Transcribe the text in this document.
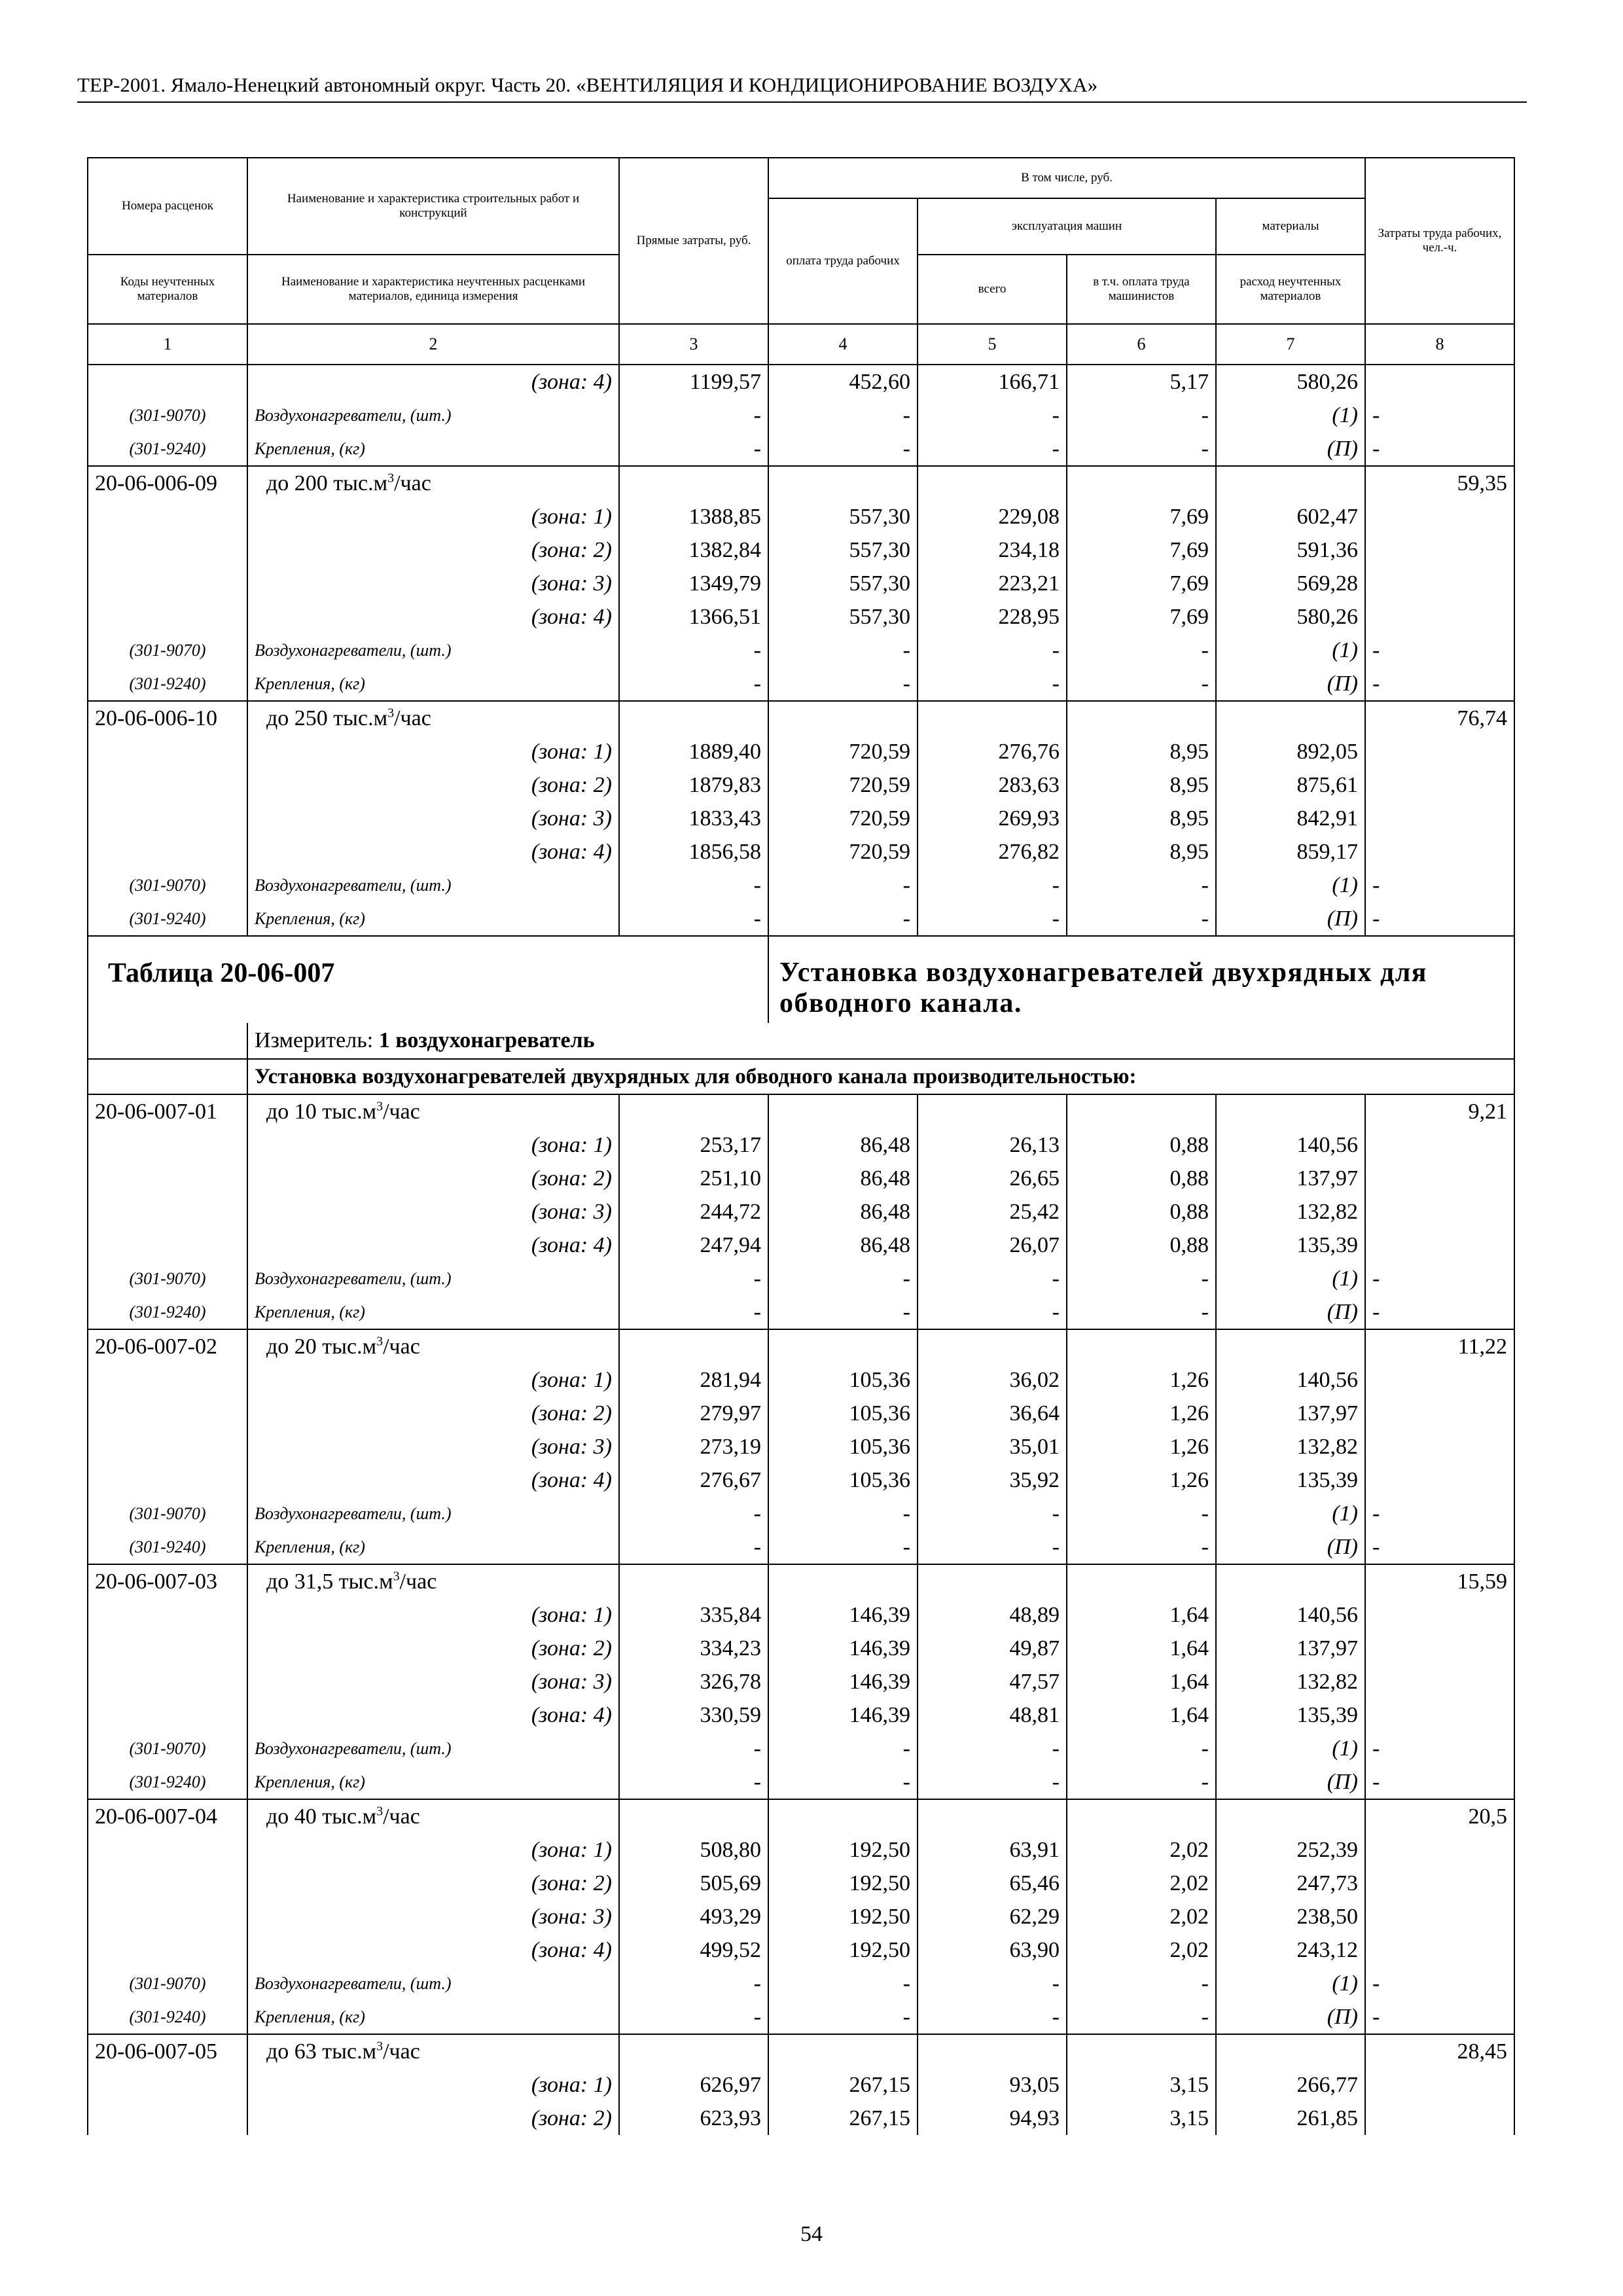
ТЕР-2001. Ямало-Ненецкий автономный округ. Часть 20. «ВЕНТИЛЯЦИЯ И КОНДИЦИОНИРОВАНИЕ ВОЗДУХА»
Номера расценок	Наименование и характеристика строительных работ и конструкций	Прямые затраты, руб.	В том числе, руб.				Затраты труда рабочих, чел.-ч.
			оплата труда рабочих	эксплуатация машин		материалы	
Коды неучтенных материалов	Наименование и характеристика неучтенных расценками материалов, единица измерения			всего	в т.ч. оплата труда машинистов	расход неучтенных материалов	
1	2	3	4	5	6	7	8
	(зона: 4)	1199,57	452,60	166,71	5,17	580,26	
(301-9070)	Воздухонагреватели, (шт.)	-	-	-	-	(1)	-
(301-9240)	Крепления, (кг)	-	-	-	-	(П)	-
20-06-006-09	до 200 $тыс.м^3$/час						59,35
	(зона: 1)	1388,85	557,30	229,08	7,69	602,47	
	(зона: 2)	1382,84	557,30	234,18	7,69	591,36	
	(зона: 3)	1349,79	557,30	223,21	7,69	569,28	
	(зона: 4)	1366,51	557,30	228,95	7,69	580,26	
(301-9070)	Воздухонагреватели, (шт.)	-	-	-	-	(1)	-
(301-9240)	Крепления, (кг)	-	-	-	-	(П)	-
20-06-006-10	до 250 $тыс.м^3$/час						76,74
	(зона: 1)	1889,40	720,59	276,76	8,95	892,05	
	(зона: 2)	1879,83	720,59	283,63	8,95	875,61	
	(зона: 3)	1833,43	720,59	269,93	8,95	842,91	
	(зона: 4)	1856,58	720,59	276,82	8,95	859,17	
(301-9070)	Воздухонагреватели, (шт.)	-	-	-	-	(1)	-
(301-9240)	Крепления, (кг)	-	-	-	-	(П)	-
Таблица 20-06-007			Установка воздухонагревателей двухрядных для обводного канала.				

	Измеритель: 1 воздухонагреватель						
	Установка воздухонагревателей двухрядных для обводного канала производительностью:						
20-06-007-01	до 10 $тыс.м^3$/час						9,21
	(зона: 1)	253,17	86,48	26,13	0,88	140,56	
	(зона: 2)	251,10	86,48	26,65	0,88	137,97	
	(зона: 3)	244,72	86,48	25,42	0,88	132,82	
	(зона: 4)	247,94	86,48	26,07	0,88	135,39	
(301-9070)	Воздухонагреватели, (шт.)	-	-	-	-	(1)	-
(301-9240)	Крепления, (кг)	-	-	-	-	(П)	-
20-06-007-02	до 20 $тыс.м^3$/час						11,22
	(зона: 1)	281,94	105,36	36,02	1,26	140,56	
	(зона: 2)	279,97	105,36	36,64	1,26	137,97	
	(зона: 3)	273,19	105,36	35,01	1,26	132,82	
	(зона: 4)	276,67	105,36	35,92	1,26	135,39	
(301-9070)	Воздухонагреватели, (шт.)	-	-	-	-	(1)	-
(301-9240)	Крепления, (кг)	-	-	-	-	(П)	-
20-06-007-03	до 31,5 $тыс.м^3$/час						15,59
	(зона: 1)	335,84	146,39	48,89	1,64	140,56	
	(зона: 2)	334,23	146,39	49,87	1,64	137,97	
	(зона: 3)	326,78	146,39	47,57	1,64	132,82	
	(зона: 4)	330,59	146,39	48,81	1,64	135,39	
(301-9070)	Воздухонагреватели, (шт.)	-	-	-	-	(1)	-
(301-9240)	Крепления, (кг)	-	-	-	-	(П)	-
20-06-007-04	до 40 $тыс.м^3$/час						20,5
	(зона: 1)	508,80	192,50	63,91	2,02	252,39	
	(зона: 2)	505,69	192,50	65,46	2,02	247,73	
	(зона: 3)	493,29	192,50	62,29	2,02	238,50	
	(зона: 4)	499,52	192,50	63,90	2,02	243,12	
(301-9070)	Воздухонагреватели, (шт.)	-	-	-	-	(1)	-
(301-9240)	Крепления, (кг)	-	-	-	-	(П)	-
20-06-007-05	до 63 $тыс.м^3$/час						28,45
	(зона: 1)	626,97	267,15	93,05	3,15	266,77	
	(зона: 2)	623,93	267,15	94,93	3,15	261,85	
54
